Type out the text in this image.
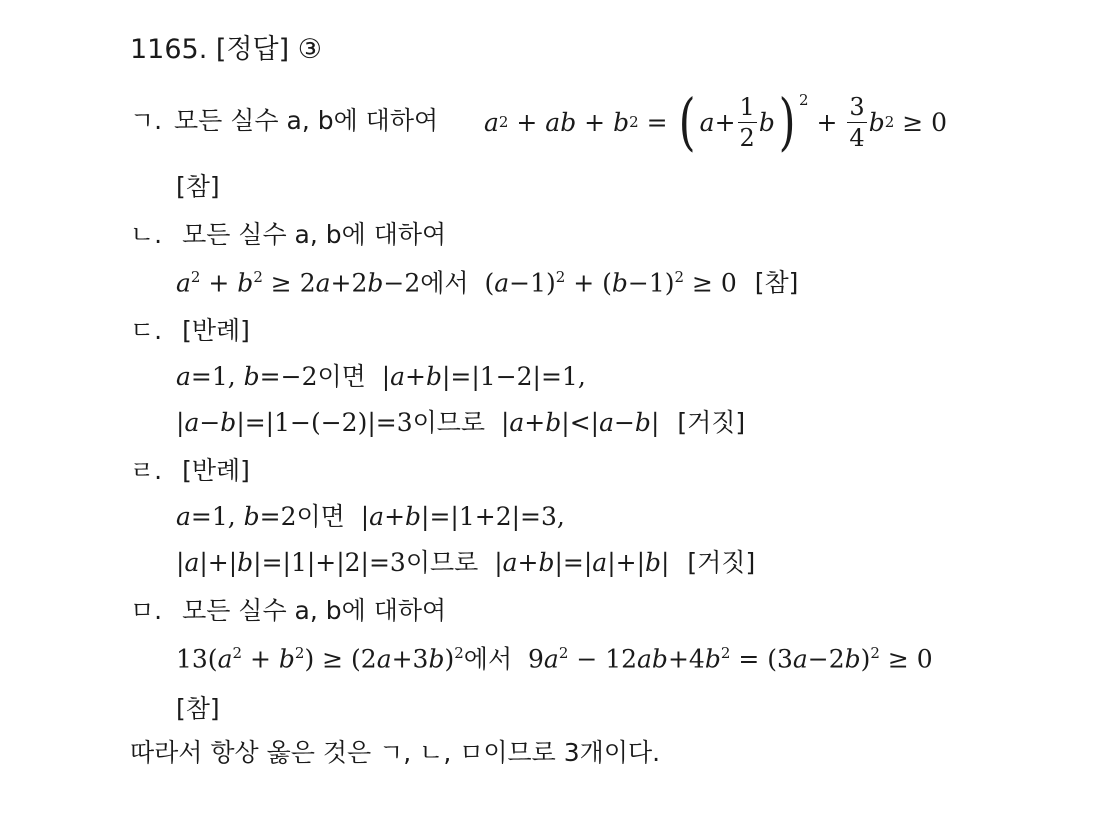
1165. [정답] ③
ㄱ. 모든 실수 a, b에 대하여 a 2 + ab + b 2 = ( $a + \frac{1}{2}$ b )$^2$
+ $\frac{3}{4}$ b 2 ≥ 0
[참]
ㄴ. 모든 실수 a, b에 대하여
$a^2 + b^2 \ge 2a+2b-2$에서  $(a-1)^2 + (b-1)^2 \ge 0$ [참]
ㄷ. [반례]
a=1, b=−2이면  |a+b|=|1−2|=1,
|a−b|=|1−(−2)|=3이므로  |a+b|<|a−b| [거짓]
ㄹ. [반례]
a=1, b=2이면  |a+b|=|1+2|=3,
|a|+|b|=|1|+|2|=3이므로  |a+b|=|a|+|b| [거짓]
ㅁ. 모든 실수 a, b에 대하여
$13(a^2 + b^2) \ge (2a+3b)^2$에서  $9a^2 - 12ab+4b^2 = (3a-2b)^2 \ge 0$
[참]
따라서 항상 옳은 것은 ㄱ, ㄴ, ㅁ이므로 3개이다.
